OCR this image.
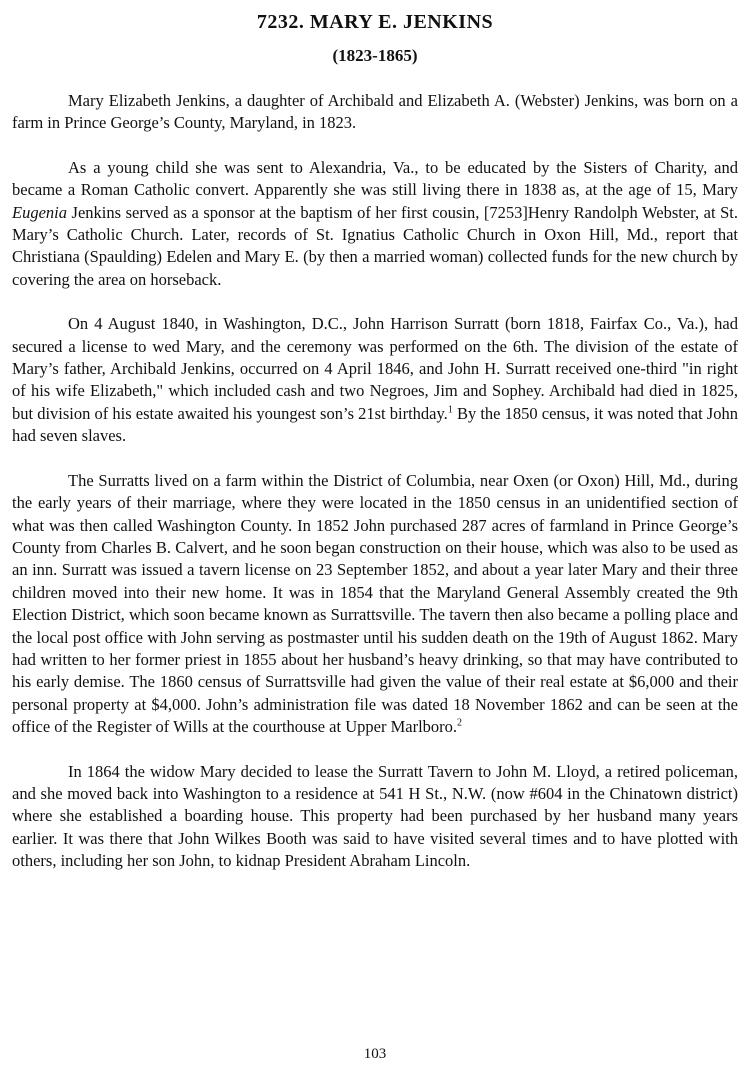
7232. MARY E. JENKINS
(1823-1865)

Mary Elizabeth Jenkins, a daughter of Archibald and Elizabeth A. (Webster) Jenkins, was born on a farm in Prince George’s County, Maryland, in 1823.

As a young child she was sent to Alexandria, Va., to be educated by the Sisters of Charity, and became a Roman Catholic convert. Apparently she was still living there in 1838 as, at the age of 15, Mary Eugenia Jenkins served as a sponsor at the baptism of her first cousin, [7253]Henry Randolph Webster, at St. Mary’s Catholic Church. Later, records of St. Ignatius Catholic Church in Oxon Hill, Md., report that Christiana (Spaulding) Edelen and Mary E. (by then a married woman) collected funds for the new church by covering the area on horseback.

On 4 August 1840, in Washington, D.C., John Harrison Surratt (born 1818, Fairfax Co., Va.), had secured a license to wed Mary, and the ceremony was performed on the 6th. The division of the estate of Mary’s father, Archibald Jenkins, occurred on 4 April 1846, and John H. Surratt received one-third "in right of his wife Elizabeth," which included cash and two Negroes, Jim and Sophey. Archibald had died in 1825, but division of his estate awaited his youngest son’s 21st birthday.$^1$ By the 1850 census, it was noted that John had seven slaves.

The Surratts lived on a farm within the District of Columbia, near Oxen (or Oxon) Hill, Md., during the early years of their marriage, where they were located in the 1850 census in an unidentified section of what was then called Washington County. In 1852 John purchased 287 acres of farmland in Prince George’s County from Charles B. Calvert, and he soon began construction on their house, which was also to be used as an inn. Surratt was issued a tavern license on 23 September 1852, and about a year later Mary and their three children moved into their new home. It was in 1854 that the Maryland General Assembly created the 9th Election District, which soon became known as Surrattsville. The tavern then also became a polling place and the local post office with John serving as postmaster until his sudden death on the 19th of August 1862. Mary had written to her former priest in 1855 about her husband’s heavy drinking, so that may have contributed to his early demise. The 1860 census of Surrattsville had given the value of their real estate at $6,000 and their personal property at $4,000. John’s administration file was dated 18 November 1862 and can be seen at the office of the Register of Wills at the courthouse at Upper Marlboro.$^2$

In 1864 the widow Mary decided to lease the Surratt Tavern to John M. Lloyd, a retired policeman, and she moved back into Washington to a residence at 541 H St., N.W. (now #604 in the Chinatown district) where she established a boarding house. This property had been purchased by her husband many years earlier. It was there that John Wilkes Booth was said to have visited several times and to have plotted with others, including her son John, to kidnap President Abraham Lincoln.

103
